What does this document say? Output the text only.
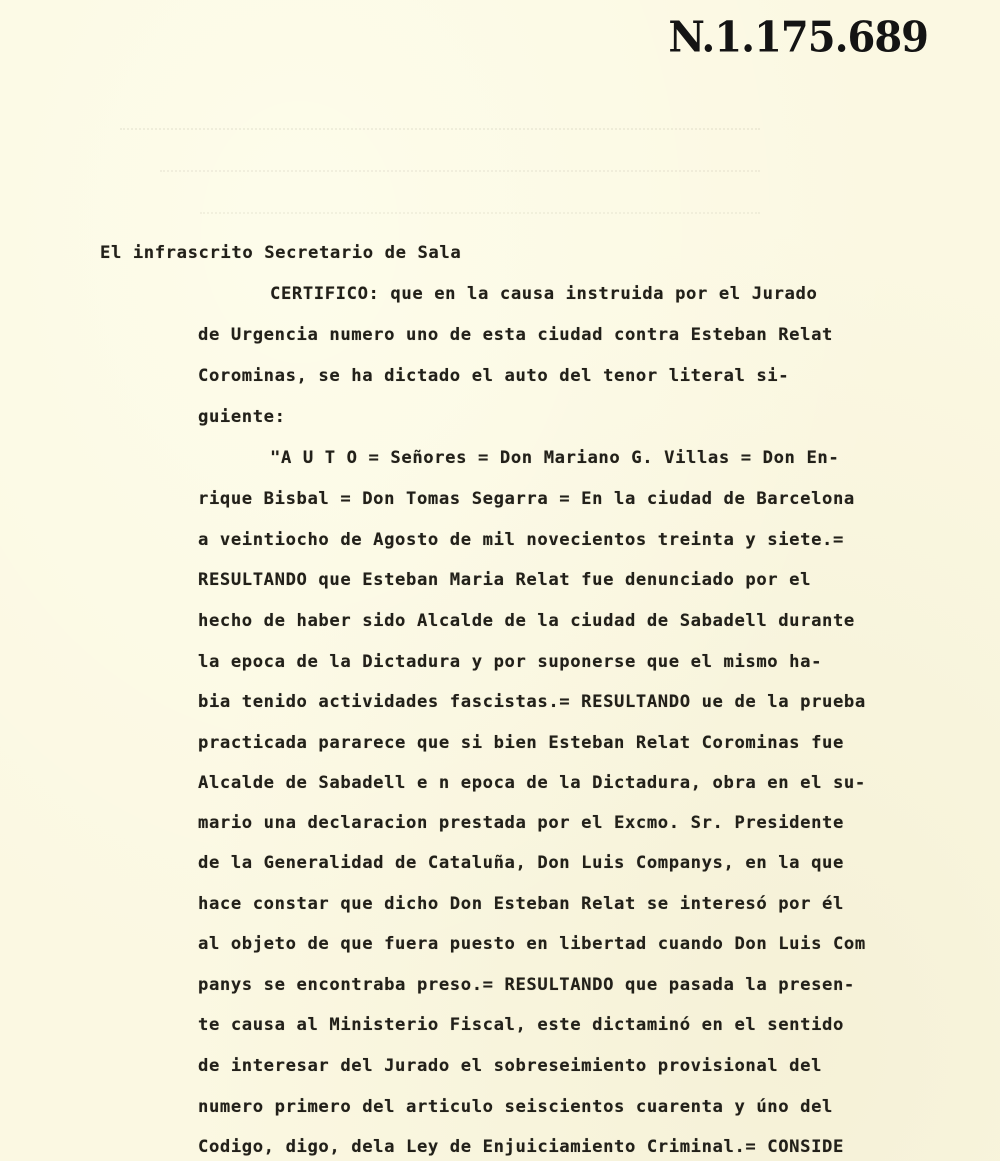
N.1.175.689
El infrascrito Secretario de Sala
CERTIFICO: que en la causa instruida por el Jurado
de Urgencia numero uno de esta ciudad contra Esteban Relat
Corominas, se ha dictado el auto del tenor literal si-
guiente:
"A U T O = Señores = Don Mariano G. Villas = Don En-
rique Bisbal = Don Tomas Segarra = En la ciudad de Barcelona
a veintiocho de Agosto de mil novecientos treinta y siete.=
RESULTANDO que Esteban Maria Relat fue denunciado por el
hecho de haber sido Alcalde de la ciudad de Sabadell durante
la epoca de la Dictadura y por suponerse que el mismo ha-
bia tenido actividades fascistas.= RESULTANDO ue de la prueba
practicada pararece que si bien Esteban Relat Corominas fue
Alcalde de Sabadell e n epoca de la Dictadura, obra en el su-
mario una declaracion prestada por el Excmo. Sr. Presidente
de la Generalidad de Cataluña, Don Luis Companys, en la que
hace constar que dicho Don Esteban Relat se interesó por él
al objeto de que fuera puesto en libertad cuando Don Luis Com
panys se encontraba preso.= RESULTANDO que pasada la presen-
te causa al Ministerio Fiscal, este dictaminó en el sentido
de interesar del Jurado el sobreseimiento provisional del
numero primero del articulo seiscientos cuarenta y úno del
Codigo, digo, dela Ley de Enjuiciamiento Criminal.= CONSIDE
